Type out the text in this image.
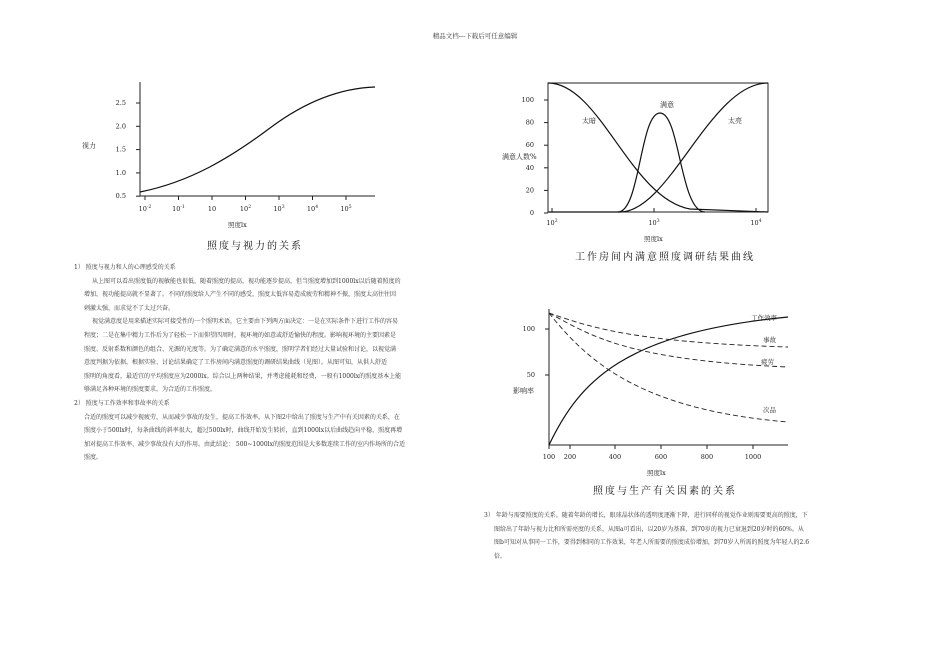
精品文档---下载后可任意编辑
2.5
2.0
1.5
1.0
0.5
$10^{-2}$	$10^{-1}$	10	$10^2$	$10^3$	$10^4$	$10^5$
视力
照度lx
照度与视力的关系
100
80
60
40
20
0
$10^2$	$10^3$	$10^4$
太暗
满意
太亮
满意人数%
照度lx
工作房间内满意照度调研结果曲线
100
50
100 200	400	600	800	1000
工作效率
事故
疲劳
次品
影响率
照度lx
照度与生产有关因素的关系

1） 照度与视力和人的心理感受的关系

从上图可以看出照度低的视敏能也很低，随着照度的提高，视功能逐步提高，但当照度增加到1000lx以后随着照度的

增加，视功能提高就不显著了。不同的照度给人产生不同的感受，照度太低容易造成疲劳和精神不振，照度太高往往因

刺激太强，而求觉不了太过兴奋。

视觉满意度是用来描述实际可接受性的一个照明术语，它主要由下列两方面决定：一是在实际条件下进行工作的容易

程度；二是在集中精力工作后为了轻松一下而仰望四周时，视环境的如意或舒适愉快的程度。影响视环境的主要因素是

照度、反射系数和颜色的组合、光源的光度等。为了确定满意的水平照度，照明学者们经过大量试验和讨论，以视觉满

意度判据为依据，根据实验、讨论结果确定了工作房间内满意照度的调研结果曲线（见图）。从图可知，从供人舒适

照明的角度看，最适宜的平均照度应为2000lx。综合以上两种结果，并考虑能耗和经费，一般有1000lx的照度基本上能

够满足各种环境的照度要求，为合适的工作照度。

2） 照度与工作效率和事故率的关系

合适的照度可以减少视疲劳，从而减少事故的发生，提高工作效率。从下图2中给出了照度与生产中有关因素的关系，在

照度小于500lx时，每条曲线的斜率很大，超过500lx时，曲线开始发生转折，直到1000lx以后曲线趋向平稳，照度再增

加对提高工作效率、减少事故没有大的作用。由此结论： 500~1000lx的照度范围是大多数连续工作的室内作场所的合适

照度。

3） 年龄与需要照度的关系。随着年龄的增长，眼球晶状体的透明度逐渐下降，进行同样的视觉作业则需要更高的照度，下

图给出了年龄与视力比和所需亮度的关系，从图a可看出，以20岁为基准，到70岁的视力已衰退到20岁时的60%。从

图b可知对从事同一工作，要得到相同的工作效果，年老人所需要的照度成倍增加，到70岁人所需的照度为年轻人的2.6

倍。
